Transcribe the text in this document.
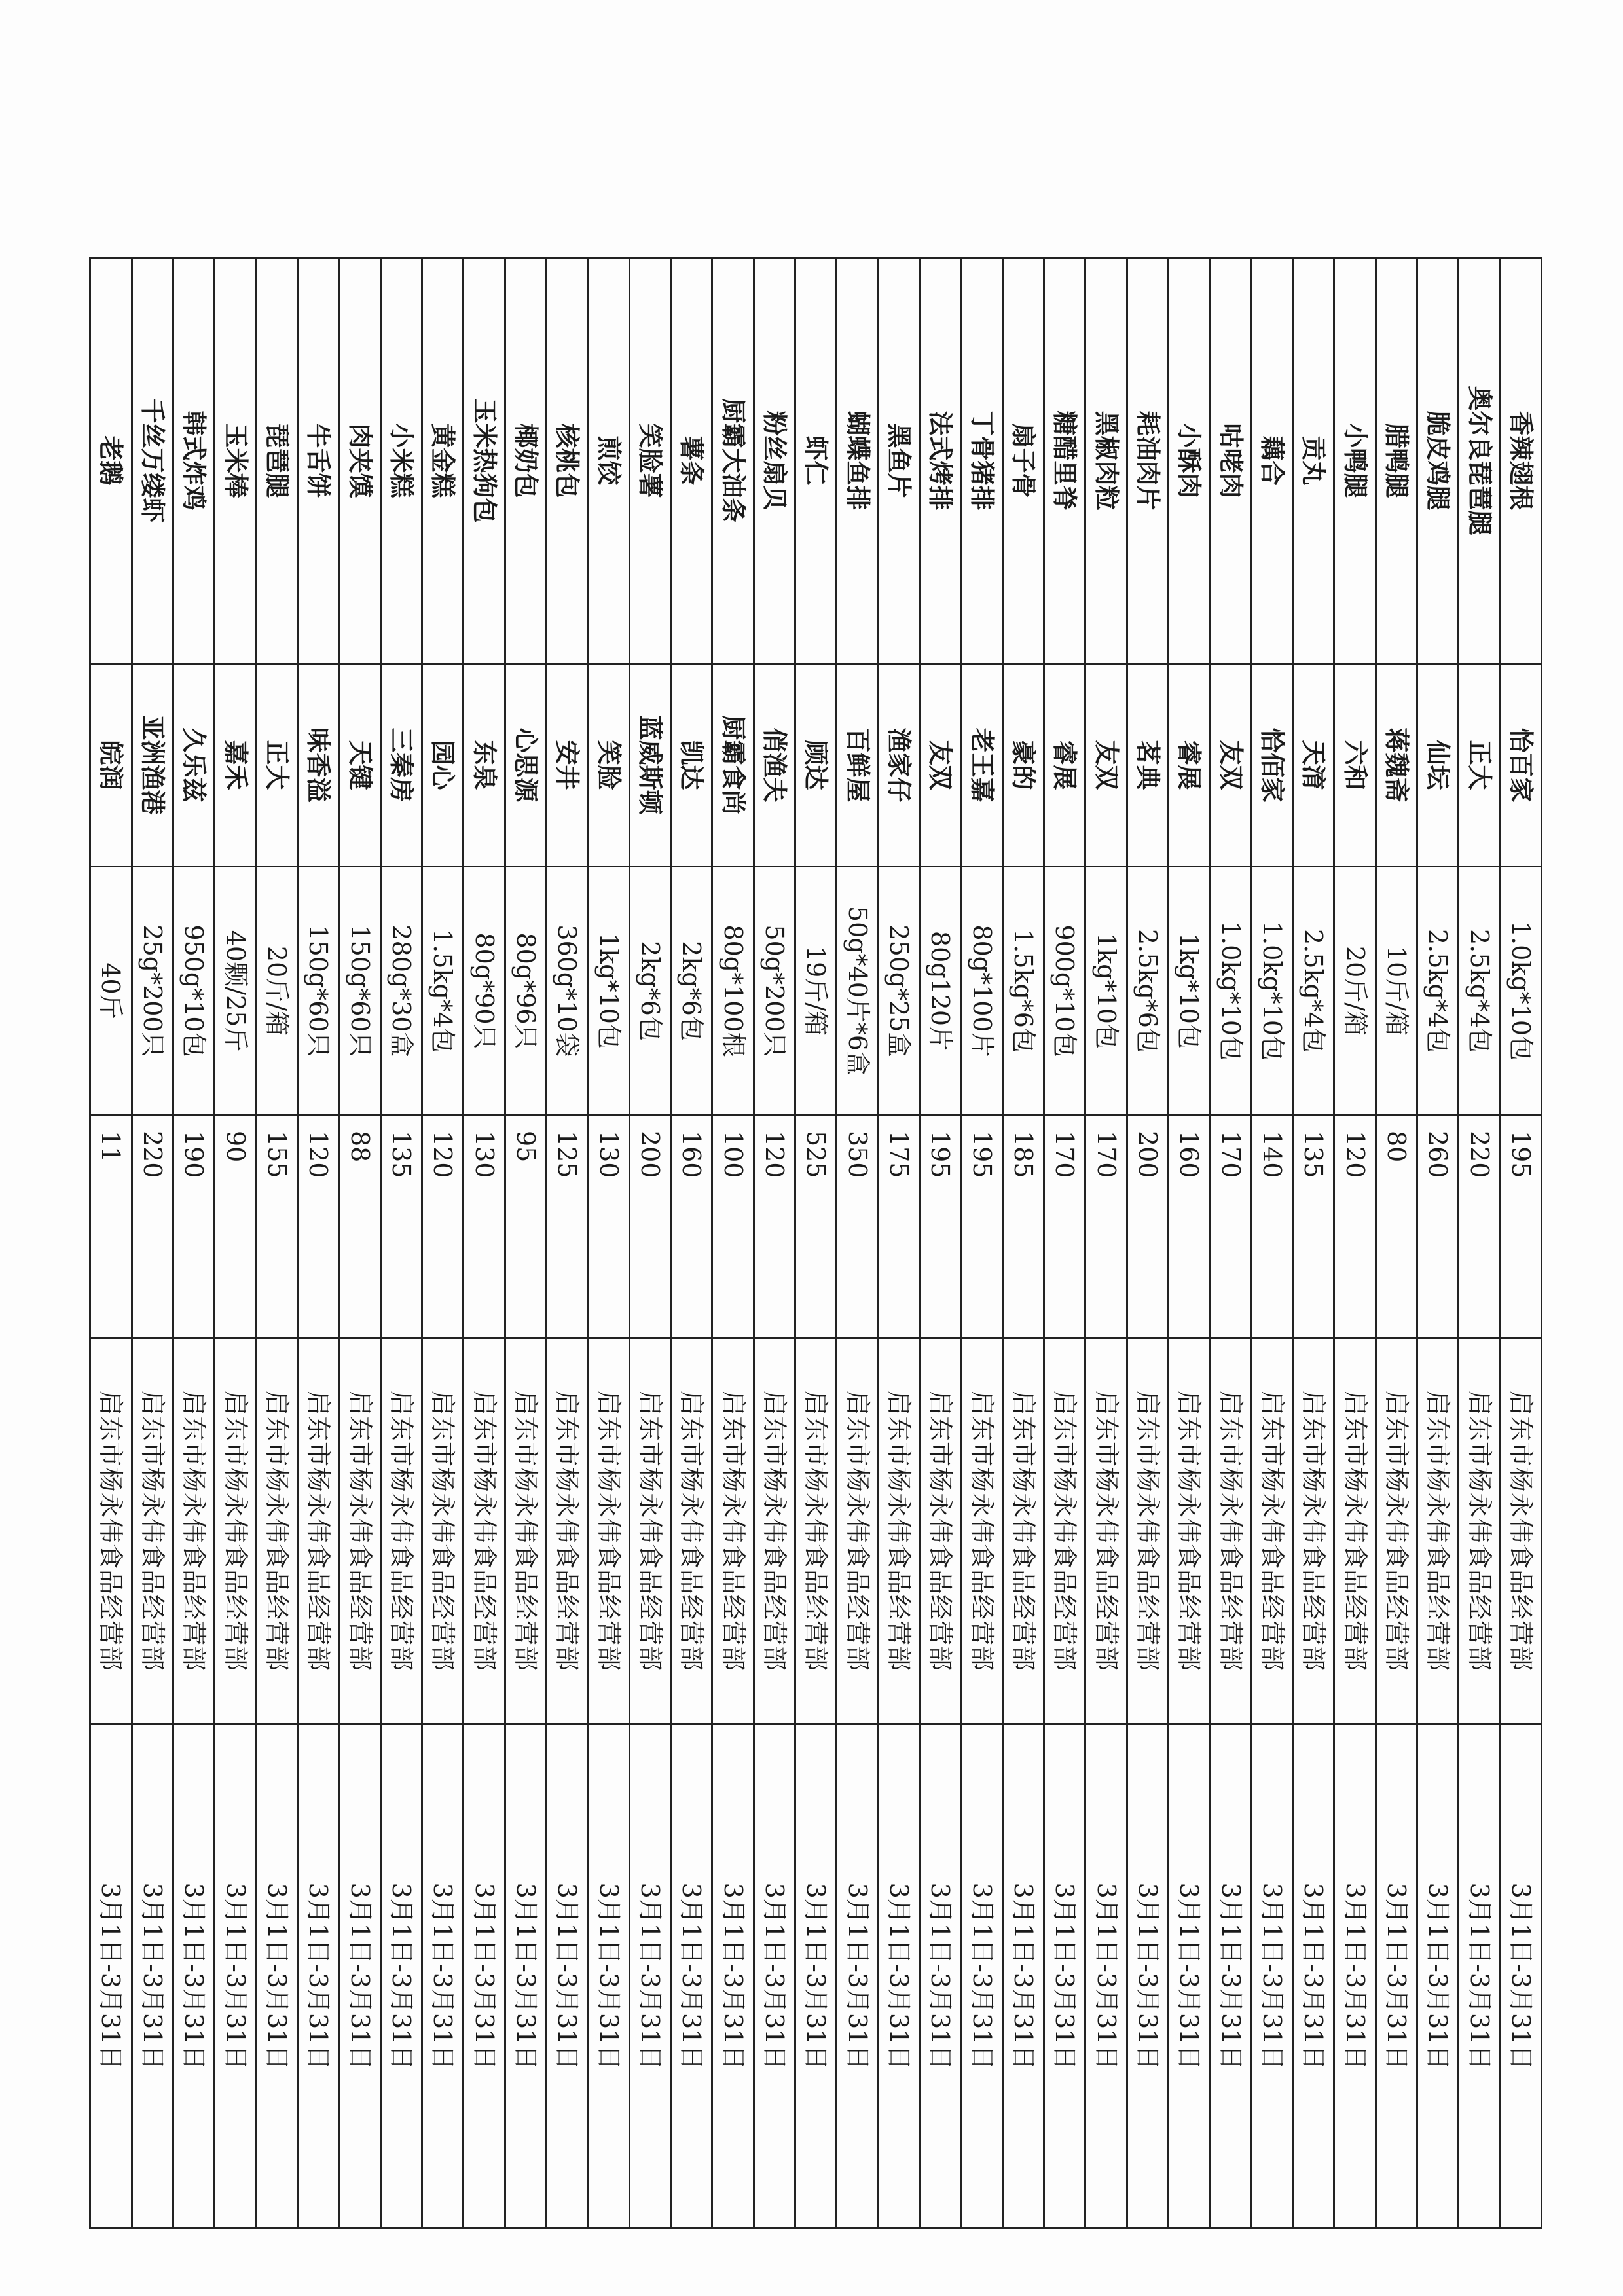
香辣翅根	怡百家	1.0kg*10包	195	启东市杨永伟食品经营部	3月1日-3月31日
奥尔良琵琶腿	正大	2.5kg*4包	220	启东市杨永伟食品经营部	3月1日-3月31日
脆皮鸡腿	仙坛	2.5kg*4包	260	启东市杨永伟食品经营部	3月1日-3月31日
腊鸭腿	蒋魏斋	10斤/箱	80	启东市杨永伟食品经营部	3月1日-3月31日
小鸭腿	六和	20斤/箱	120	启东市杨永伟食品经营部	3月1日-3月31日
贡丸	天淯	2.5kg*4包	135	启东市杨永伟食品经营部	3月1日-3月31日
藕合	恰佰家	1.0kg*10包	140	启东市杨永伟食品经营部	3月1日-3月31日
咕咾肉	友双	1.0kg*10包	170	启东市杨永伟食品经营部	3月1日-3月31日
小酥肉	睿展	1kg*10包	160	启东市杨永伟食品经营部	3月1日-3月31日
耗油肉片	茗典	2.5kg*6包	200	启东市杨永伟食品经营部	3月1日-3月31日
黑椒肉粒	友双	1kg*10包	170	启东市杨永伟食品经营部	3月1日-3月31日
糖醋里脊	睿展	900g*10包	170	启东市杨永伟食品经营部	3月1日-3月31日
扇子骨	豪的	1.5kg*6包	185	启东市杨永伟食品经营部	3月1日-3月31日
丁骨猪排	老王嘉	80g*100片	195	启东市杨永伟食品经营部	3月1日-3月31日
法式烤排	友双	80g120片	195	启东市杨永伟食品经营部	3月1日-3月31日
黑鱼片	渔家仔	250g*25盒	175	启东市杨永伟食品经营部	3月1日-3月31日
蝴蝶鱼排	百鲜屋	50g*40片*6盒	350	启东市杨永伟食品经营部	3月1日-3月31日
虾仁	顾达	19斤/箱	525	启东市杨永伟食品经营部	3月1日-3月31日
粉丝扇贝	俏渔夫	50g*200只	120	启东市杨永伟食品经营部	3月1日-3月31日
厨霸大油条	厨霸食尚	80g*100根	100	启东市杨永伟食品经营部	3月1日-3月31日
薯条	凯达	2kg*6包	160	启东市杨永伟食品经营部	3月1日-3月31日
笑脸薯	蓝威斯顿	2kg*6包	200	启东市杨永伟食品经营部	3月1日-3月31日
煎饺	笑脸	1kg*10包	130	启东市杨永伟食品经营部	3月1日-3月31日
核桃包	安井	360g*10袋	125	启东市杨永伟食品经营部	3月1日-3月31日
椰奶包	心思源	80g*96只	95	启东市杨永伟食品经营部	3月1日-3月31日
玉米热狗包	东泉	80g*90只	130	启东市杨永伟食品经营部	3月1日-3月31日
黄金糕	园心	1.5kg*4包	120	启东市杨永伟食品经营部	3月1日-3月31日
小米糕	三秦房	280g*30盒	135	启东市杨永伟食品经营部	3月1日-3月31日
肉夹馍	天键	150g*60只	88	启东市杨永伟食品经营部	3月1日-3月31日
牛舌饼	味香溢	150g*60只	120	启东市杨永伟食品经营部	3月1日-3月31日
琵琶腿	正大	20斤/箱	155	启东市杨永伟食品经营部	3月1日-3月31日
玉米棒	嘉禾	40颗/25斤	90	启东市杨永伟食品经营部	3月1日-3月31日
韩式炸鸡	久乐兹	950g*10包	190	启东市杨永伟食品经营部	3月1日-3月31日
千丝万缕虾	亚洲渔港	25g*200只	220	启东市杨永伟食品经营部	3月1日-3月31日
老鹅	皖润	40斤	11	启东市杨永伟食品经营部	3月1日-3月31日
